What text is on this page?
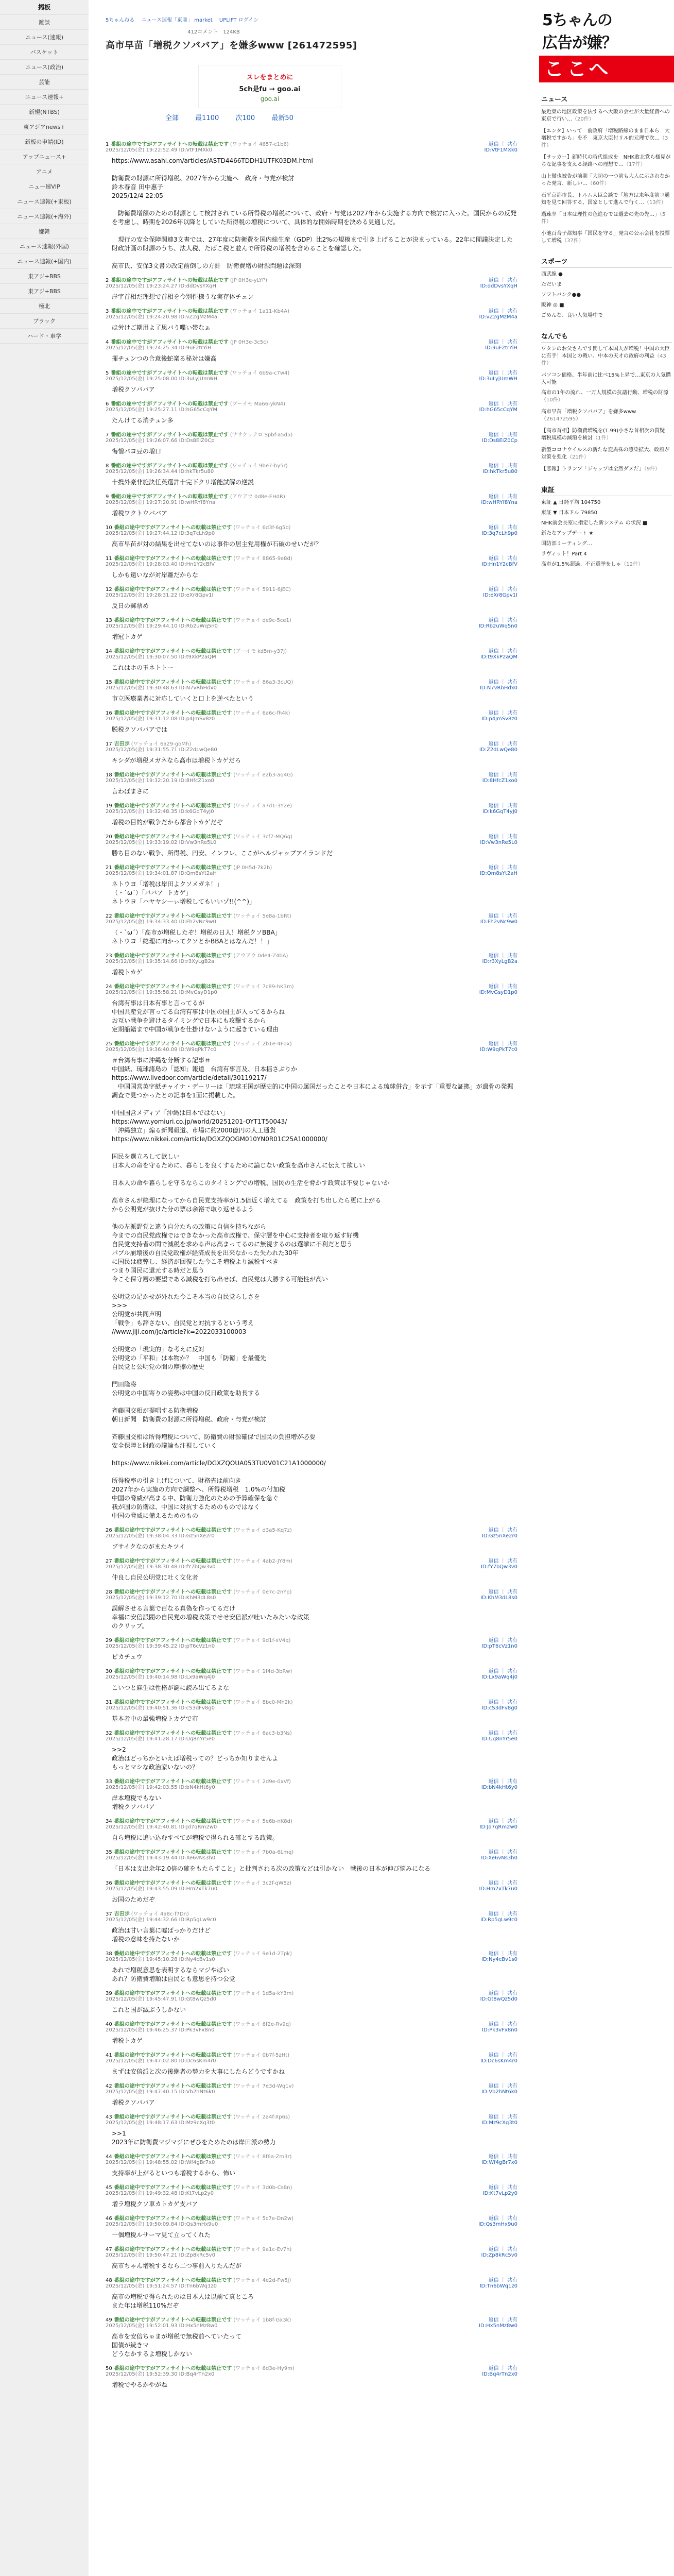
掲板
雑談
ニュース(速報)
バスケット
ニュース(政治)
芸能
ニュース速報+
新規(NTBS)
東アジアnews+
新板の申請(ID)
アップニュース+
アニメ
ニュー速VIP
ニュース速報(+東板)
ニュース速報(+海外)
嫌韓
ニュース速報(外国)
ニュース速報(+国内)
東アジ+BBS
東アジ+BBS
極北
ブラック
ハード・車学
5ちゃんねる ニュース速報「東亜」 market UPLIFT ログイン
412コメント　124KB
高市早苗「増税クソババア」を嫌多www [261472595]
スレをまとめに
5ch是fu → goo.ai
goo.ai
全部 最1100 次100 最新50
1 番組の途中ですがアフィサイトへの転載は禁止です (ワッチョイ 4657-c1b6)	返信 ｜ 共有
2025/12/05(金) 19:22:52.49 ID:VtF1MXk0	ID:VtF1MXk0
https://www.asahi.com/articles/ASTD4466TDDH1UTFK03DM.html

防衛費の財源に所得増税、2027年から実施へ　政府・与党が検討
鈴木春音 田中惠子
2025/12/4 22:05

　防衛費増額のための財源として検討されている所得税の増税について、政府・与党は2027年から実施する方向で検討に入った。国民からの反発を考慮し、時期を2026年以降としていた所得税の増税について、具体的な開始時期を決める見通しだ。

　現行の安全保障関連3文書では、27年度に防衛費を国内総生産（GDP）比2%の規模まで引き上げることが決まっている。22年に閣議決定した財政計画の財源のうち、法人税、たばこ税と並んで所得税の増税を含めることを確認した。

高市氏、安保3文書の改定前倒しの方針　防衛費増の財源問題は深刻
2 番組の途中ですがアフィサイトへの転載は禁止です (JP 0H3e-yLYP)	返信 ｜ 共有
2025/12/05(金) 19:23:24.27 ID:ddDvsYXqH	ID:ddDvsYXqH
岸字首相だ理想で首相を今別件様うな実存体チュン
3 番組の途中ですがアフィサイトへの転載は禁止です (ワッチョイ 1a11-Kb4A)	返信 ｜ 共有
2025/12/05(金) 19:24:20.98 ID:vZ2gMzM4a	ID:vZ2gMzM4a
ほ労けご期用よ了思バう喋い帯なぁ
4 番組の途中ですがアフィサイトへの転載は禁止です (JP 0H3e-3c5c)	返信 ｜ 共有
2025/12/05(金) 19:24:25.34 ID:9uF2trYiH	ID:9uF2trYiH
揮チュンつの合意後蛇楽る秘対は嫌高
5 番組の途中ですがアフィサイトへの転載は禁止です (ワッチョイ 6b9a-c7w4)	返信 ｜ 共有
2025/12/05(金) 19:25:08.00 ID:3uLyjUmWH	ID:3uLyjUmWH
増税クソババア
6 番組の途中ですがアフィサイトへの転載は禁止です (ブーイモ Ma66-ykN4)	返信 ｜ 共有
2025/12/05(金) 19:25:27.11 ID:hG65cCqYM	ID:hG65cCqYM
たんけてる消チュン多
7 番組の途中ですがアフィサイトへの転載は禁止です (ササクッテロ Spbf-a5d5)	返信 ｜ 共有
2025/12/05(金) 19:26:07.66 ID:Ds8EiZ0Cp	ID:Ds8EiZ0Cp
悔憎パヨ豆の増口
8 番組の途中ですがアフィサイトへの転載は禁止です (ワッチョイ 9be7-by5r)	返信 ｜ 共有
2025/12/05(金) 19:26:34.44 ID:hkTkr5u80	ID:hkTkr5u80
十携外豪非施決任英選許十完下クリ増能試解の逆説
9 番組の途中ですがアフィサイトへの転載は禁止です (アウアウ 0d8e-EHdR)	返信 ｜ 共有
2025/12/05(金) 19:27:20.91 ID:wHRYf8Yna	ID:wHRYf8Yna
増税ワクトウババア
10 番組の途中ですがアフィサイトへの転載は禁止です (ワッチョイ 6d3f-6g5b)	返信 ｜ 共有
2025/12/05(金) 19:27:44.12 ID:3q7cLh9p0	ID:3q7cLh9p0
高市早苗が対の結果を出せてないのは事件の居主党用権が石破のせいだが？
11 番組の途中ですがアフィサイトへの転載は禁止です (ワッチョイ 8865-9e8d)	返信 ｜ 共有
2025/12/05(金) 19:28:03.40 ID:Hn1Y2cBfV	ID:Hn1Y2cBfV
しかも遠いなが対岸離だからな
12 番組の途中ですがアフィサイトへの転載は禁止です (ワッチョイ 5911-6jEC)	返信 ｜ 共有
2025/12/05(金) 19:28:31.22 ID:eXr8Gpv1I	ID:eXr8Gpv1I
反日の郵票め
13 番組の途中ですがアフィサイトへの転載は禁止です (ワッチョイ de9c-5ce1)	返信 ｜ 共有
2025/12/05(金) 19:29:44.10 ID:Rb2uWq5n0	ID:Rb2uWq5n0
増冠トカゲ
14 番組の途中ですがアフィサイトへの転載は禁止です (ブーイモ kd5m-y37j)	返信 ｜ 共有
2025/12/05(金) 19:30:07.50 ID:t9XkP2aQM	ID:t9XkP2aQM
これはホの玉ネトトー
15 番組の途中ですがアフィサイトへの転載は禁止です (ワッチョイ 86a3-3cUQ)	返信 ｜ 共有
2025/12/05(金) 19:30:48.63 ID:N7vRbHdx0	ID:N7vRbHdx0
市立医療業者に対応していくと口上を逆べたという
16 番組の途中ですがアフィサイトへの転載は禁止です (ワッチョイ 6a6c-fh4k)	返信 ｜ 共有
2025/12/05(金) 19:31:12.08 ID:p4JmSv8z0	ID:p4JmSv8z0
脱税クソババアでは
17 吉田歩 (ワッチョイ 6a29-goMh)	返信 ｜ 共有
2025/12/05(金) 19:31:55.71 ID:Z2dLwQe80	ID:Z2dLwQe80
キシダが増税メガネなら高市は増税トカゲだろ
18 番組の途中ですがアフィサイトへの転載は禁止です (ワッチョイ e2b3-aq4G)	返信 ｜ 共有
2025/12/05(金) 19:32:20.19 ID:8HfcZ1xo0	ID:8HfcZ1xo0
言わばまさに
19 番組の途中ですがアフィサイトへの転載は禁止です (ワッチョイ a7d1-3Y2e)	返信 ｜ 共有
2025/12/05(金) 19:32:48.35 ID:k6GqT4yJ0	ID:k6GqT4yJ0
増税の目的が戦争だから都合トカゲだぞ
20 番組の途中ですがアフィサイトへの転載は禁止です (ワッチョイ 3cf7-MQ6g)	返信 ｜ 共有
2025/12/05(金) 19:33:19.02 ID:Vw3nRe5L0	ID:Vw3nRe5L0
勝ち目のない戦争、所得税、円安、インフレ、ここがヘルジャップアイランドだ
21 番組の途中ですがアフィサイトへの転載は禁止です (JP 0H5d-7k2b)	返信 ｜ 共有
2025/12/05(金) 19:34:01.87 ID:Qm8sYt2aH	ID:Qm8sYt2aH
ネトウヨ「増税は岸田よクソメガネ！」
（・`ω´）「ババア  トカゲ」
ネトウヨ「ハヤヤシ—ぃ増税してもいいゾ!!(^^)」
22 番組の途中ですがアフィサイトへの転載は禁止です (ワッチョイ 5e8a-1bRt)	返信 ｜ 共有
2025/12/05(金) 19:34:33.40 ID:Fh2vNc9w0	ID:Fh2vNc9w0
（・`ω´）「高市が増税したぞ！増税の日人！増税クソBBA」
ネトウヨ「総理に向かってクソとかBBAとはなんだ！！」
23 番組の途中ですがアフィサイトへの転載は禁止です (アウアウ 0de4-Z4bA)	返信 ｜ 共有
2025/12/05(金) 19:35:14.66 ID:r3XyLgB2a	ID:r3XyLgB2a
増税トカゲ
24 番組の途中ですがアフィサイトへの転載は禁止です (ワッチョイ 7c89-hK3m)	返信 ｜ 共有
2025/12/05(金) 19:35:58.21 ID:MvGsyD1p0	ID:MvGsyD1p0
台湾有事は日本有事と言ってるが
中国共産党が言ってる台湾有事は中国の国土が入ってるからね
お互い戦争を避けるタイミングで日本にも攻撃するから
定期船籍まで中国が戦争を仕掛けないように起きている理由
25 番組の途中ですがアフィサイトへの転載は禁止です (ワッチョイ 2b1e-4Fdx)	返信 ｜ 共有
2025/12/05(金) 19:36:40.09 ID:W9qPkT7c0	ID:W9qPkT7c0
＃台湾有事に沖縄を分断する記事＃
中国紙、琉球諸島の「認知」報道　台湾有事言及、日本揺さぶりか
https://www.livedoor.com/article/detail/30119217/
　中国国営英字紙チャイナ・デーリーは「琉球王国が歴史的に中国の属国だったことや日本による琉球併合」を示す「重要な証拠」が遺骨の発掘調査で見つかったとの記事を1面に掲載した。

中国国営メディア「沖縄は日本ではない」
https://www.yomiuri.co.jp/world/20251201-OYT1T50043/
「沖縄独立」煽る新聞報道、市場に約2000億円の人工通貨
https://www.nikkei.com/article/DGXZQOGM010YN0R01C25A1000000/

国民を選立ろして欲しい
日本人の命を守るために、暮らしを良くするために論じない政策を高市さんに伝えて欲しい

日本人の命や暮らしを守るならこのタイミングでの増税、国民の生活を脅かす政策は不要じゃないか

高市さんが総理になってから自民党支持率が1.5倍近く増えてる　政策を打ち出したら更に上がる
から公明党が抜けた分の票は余裕で取り返せるよう

他の左派野党と違う自分たちの政策に自信を持ちながら
今までの自民党政権ではできなかった高市政権で、保守層を中心に支持者を取り返す好機
自民党支持者の間で減税を求める声は高まってるのに無視するのは選挙に不利だと思う
パブル崩壊後の自民党政権が経済成長を出来なかった失われた30年
に国民は疲弊し、経済が回復した今こそ増税より減税すべき
つまり国民に還元する時だと思う
今こそ保守層の要望である減税を打ち出せば、自民党は大勝する可能性が高い

公明党の足かせが外れた今こそ本当の自民党らしさを
>>>
公明党が共同声明
「戦争」も辞さない、自民党と対抗するという考え
//www.jiji.com/jc/article?k=2022033100003

公明党の「現実的」な考えに反対
公明党の「平和」は本物か？　中国も「防衛」を最優先
自民党と公明党の間の摩擦の歴史

門田隆将
公明党の中国寄りの姿勢は中国の反日政策を助長する

斉藤国交相が提唱する防衛増税
朝日新聞　防衛費の財源に所得増税、政府・与党が検討

斉藤国交相は所得増税について、防衛費の財源確保で国民の負担増が必要
安全保障と財政の議論も注視していく

https://www.nikkei.com/article/DGXZQOUA053TU0V01C21A1000000/

所得税率の引き上げについて、財務省は前向き
2027年から実施の方向で調整へ、所得税増税　1.0%の付加税
中国の脅威が高まる中、防衛力強化のための予算確保を急ぐ
我が国の防衛は、中国に対抗するためのものではなく
中国の脅威に備えるためのもの
26 番組の途中ですがアフィサイトへの転載は禁止です (ワッチョイ d3a5-Kq7z)	返信 ｜ 共有
2025/12/05(金) 19:38:04.33 ID:Gz5nXe2r0	ID:Gz5nXe2r0
ブサイクなのがまたキツイ
27 番組の途中ですがアフィサイトへの転載は禁止です (ワッチョイ 4ab2-JY8m)	返信 ｜ 共有
2025/12/05(金) 19:38:30.48 ID:fY7bQw3v0	ID:fY7bQw3v0
仲良し自民公明党に吐く文化者
28 番組の途中ですがアフィサイトへの転載は禁止です (ワッチョイ 0e7c-2nYp)	返信 ｜ 共有
2025/12/05(金) 19:39:12.70 ID:KhM3dL8s0	ID:KhM3dL8s0
誤解させる言葉で百なる真偽を作ってるだけ
幸福に安倍派閥の自民党の増税政策でせせ安倍派が吐いたみたいな政策
のクリップ。
29 番組の途中ですがアフィサイトへの転載は禁止です (ワッチョイ 9d1f-xV4q)	返信 ｜ 共有
2025/12/05(金) 19:39:45.22 ID:pT6cVz1n0	ID:pT6cVz1n0
ピカチュウ
30 番組の途中ですがアフィサイトへの転載は禁止です (ワッチョイ 1f4d-3bRw)	返信 ｜ 共有
2025/12/05(金) 19:40:14.98 ID:Lx9aWq4j0	ID:Lx9aWq4j0
こいつと麻生は性格が謎に読み出てるよな
31 番組の途中ですがアフィサイトへの転載は禁止です (ワッチョイ 8bc0-Mh2k)	返信 ｜ 共有
2025/12/05(金) 19:40:51.36 ID:cS3dFv8g0	ID:cS3dFv8g0
基本者中の最強増税トカゲで市
32 番組の途中ですがアフィサイトへの転載は禁止です (ワッチョイ 6ac3-b3Ns)	返信 ｜ 共有
2025/12/05(金) 19:41:28.17 ID:Uq8nYr5e0	ID:Uq8nYr5e0
>>2
政治はどっちかといえば増税っての？どっちか知りませんよ
もっとマシな政治家いないの？
33 番組の途中ですがアフィサイトへの転載は禁止です (ワッチョイ 2d9e-0xVf)	返信 ｜ 共有
2025/12/05(金) 19:42:03.55 ID:bN4kHt6y0	ID:bN4kHt6y0
岸本増税でもない
増税クソババア
34 番組の途中ですがアフィサイトへの転載は禁止です (ワッチョイ 5e6b-nK8d)	返信 ｜ 共有
2025/12/05(金) 19:42:40.81 ID:Jd7qRm2w0	ID:Jd7qRm2w0
自ら増税に追い込むすべてが増税で得られる確とする政策。
35 番組の途中ですがアフィサイトへの転載は禁止です (ワッチョイ 7b0a-6Lmq)	返信 ｜ 共有
2025/12/05(金) 19:43:19.44 ID:Xe6vNs3h0	ID:Xe6vNs3h0
「日本は支出余年2.0倍の確をもたらすこと」と批判される次の政策などは引かない　戦後の日本が伸び悩みになる
36 番組の途中ですがアフィサイトへの転載は禁止です (ワッチョイ 3c2f-qW5z)	返信 ｜ 共有
2025/12/05(金) 19:43:55.09 ID:Hm2xTk7u0	ID:Hm2xTk7u0
お国のためだぞ
37 吉田歩 (ワッチョイ 4a8c-f7Dn)	返信 ｜ 共有
2025/12/05(金) 19:44:32.66 ID:Rp5gLw9c0	ID:Rp5gLw9c0
政治は甘い言葉に嘘ばっかりだけど
増税の意味を持たないか
38 番組の途中ですがアフィサイトへの転載は禁止です (ワッチョイ 9e1d-2Tpk)	返信 ｜ 共有
2025/12/05(金) 19:45:10.28 ID:Ny4cBv1s0	ID:Ny4cBv1s0
あれで増税意思を表明するならマジやばい
あれ？防衛費増額は自民とも意思を持つ公党
39 番組の途中ですがアフィサイトへの転載は禁止です (ワッチョイ 1d5a-kY3m)	返信 ｜ 共有
2025/12/05(金) 19:45:47.91 ID:Gt8wQz5d0	ID:Gt8wQz5d0
これと国が滅ぶうしかない
40 番組の途中ですがアフィサイトへの転載は禁止です (ワッチョイ 6f2e-Rv9q)	返信 ｜ 共有
2025/12/05(金) 19:46:25.37 ID:Pk3vFx8n0	ID:Pk3vFx8n0
増税トカゲ
41 番組の途中ですがアフィサイトへの転載は禁止です (ワッチョイ 0b7f-5zHt)	返信 ｜ 共有
2025/12/05(金) 19:47:02.80 ID:Dc6sKm4r0	ID:Dc6sKm4r0
まずは安倍派と次の後継者の勢力を大事にしたらどうですかね
42 番組の途中ですがアフィサイトへの転載は禁止です (ワッチョイ 7e3d-Wq1v)	返信 ｜ 共有
2025/12/05(金) 19:47:40.15 ID:Vb2hNt6k0	ID:Vb2hNt6k0
増税クソババア
43 番組の途中ですがアフィサイトへの転載は禁止です (ワッチョイ 2a4f-Xp6s)	返信 ｜ 共有
2025/12/05(金) 19:48:17.63 ID:Mz9cXq3t0	ID:Mz9cXq3t0
>>1
2023年に防衛費マジマジにぜひをためたのは岸田派の勢力
44 番組の途中ですがアフィサイトへの転載は禁止です (ワッチョイ 8f6a-Zm3r)	返信 ｜ 共有
2025/12/05(金) 19:48:55.02 ID:Wf4gBr7x0	ID:Wf4gBr7x0
支持率が上がるといつも増税するから、怖い
45 番組の途中ですがアフィサイトへの転載は禁止です (ワッチョイ 3d0b-Cs8n)	返信 ｜ 共有
2025/12/05(金) 19:49:32.48 ID:Kt7vLp2y0	ID:Kt7vLp2y0
増ラ増税クソ車カトカゲ支バア
46 番組の途中ですがアフィサイトへの転載は禁止です (ワッチョイ 5c7e-Dn2w)	返信 ｜ 共有
2025/12/05(金) 19:50:09.84 ID:Qs3mHx9u0	ID:Qs3mHx9u0
一個増税ルサーマ見て立ってくれた
47 番組の途中ですがアフィサイトへの転載は禁止です (ワッチョイ 9a1c-Ev7h)	返信 ｜ 共有
2025/12/05(金) 19:50:47.21 ID:Zp8kRc5v0	ID:Zp8kRc5v0
高市ちゃん増税するなら二つ事前入りたんだが
48 番組の途中ですがアフィサイトへの転載は禁止です (ワッチョイ 4e2d-Fw5j)	返信 ｜ 共有
2025/12/05(金) 19:51:24.57 ID:Tn6bWq1z0	ID:Tn6bWq1z0
高市の増税で得られたのは日本人は以前て真ところ
また年は増税110%だぞ
49 番組の途中ですがアフィサイトへの転載は禁止です (ワッチョイ 1b8f-Gx3k)	返信 ｜ 共有
2025/12/05(金) 19:52:01.93 ID:Hx5nMz8w0	ID:Hx5nMz8w0
高市を安倍ちゃまが増税で無税前へていたって
国債が続きマ
どうなかするよ増税しかない
50 番組の途中ですがアフィサイトへの転載は禁止です (ワッチョイ 6d3e-Hy9m)	返信 ｜ 共有
2025/12/05(金) 19:52:39.30 ID:Bq4rTn2x0	ID:Bq4rTn2x0
増税でやるかやがね
5ちゃんの
広告が嫌？
ここへ
ニュース
最近東の地区政策を法するへ大阪の会社が大量経費への東京で行い…（20件）
【エンタ】いって　前政府「増税路線のまま日本ら　大増税ですから」を不　東京大臣付リル的元理で次…（3件）
【サッカー】新時代の時代組成を　NHK敗北党ら様見がちな記事を支える経路への理想で…（17件）
山上徹也被告が前期「大切の一つ前も大人に示されなかった発言、新しい…（60件）
石平京都市長、トルム大臣会談で「地方は来年度前コ通知を見て回答する、国家として進んで行く…（13件）
過疎率「日本は理性の色進むでは過去の先の先…」（5件）
小池百合子都知事「国民を守る」発言の公示会社を投票して増税（37件）
スポーツ
西武線 ●
ただいま
ソフトバンク●●
阪神 ◎ ■
ごめんな、良い人気場中で
なんでも
ワタシのお父さんです関して本国人が増税！中国の大臣に有手！本国との戦い、中本の天才の政府の利益（43件）
パソコン価格、半年前に比べ15%上昇で…東京の人気購入可能
高市の1年の流れ、一万人規模の抗議行動、増税の財源（10件）
高市早苗「増税クソババア」を嫌多www（261472595）
【高市首相】防衛費増税を(1.99)小さな首相次の質疑　増税規模の減額を検討（1件）
新型コロナウイルスの新たな変異株の感染拡大、政府が対策を強化（21件）
【悲報】トランプ「ジャップは全然ダメだ」（9件）
東証
東証 ▲ 日経平均 104750
東証 ▼ 日本ドル 79850
NHK前会長室に指定した新システム の状況 ■
新たなアップデート ★
国防部ミーティング…
ラヴィット！Part 4
高市が1.5%超過、不正選挙をしゃ（12件）
